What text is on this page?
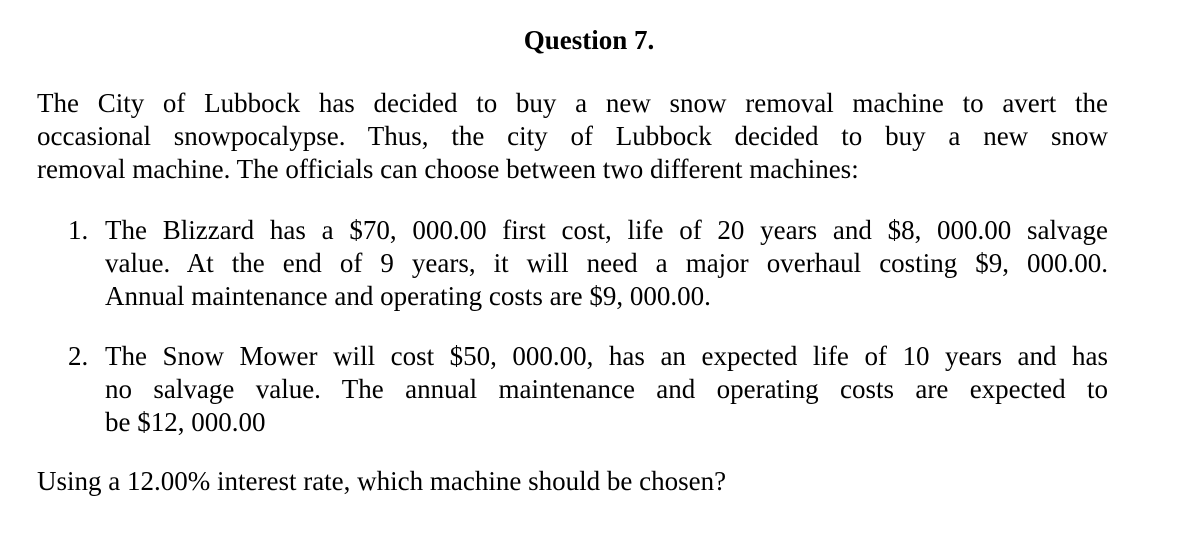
Question 7.
The City of Lubbock has decided to buy a new snow removal machine to avert the
occasional snowpocalypse. Thus, the city of Lubbock decided to buy a new snow
removal machine. The officials can choose between two different machines:
1. The Blizzard has a $70, 000.00 first cost, life of 20 years and $8, 000.00 salvage
value. At the end of 9 years, it will need a major overhaul costing $9, 000.00.
Annual maintenance and operating costs are $9, 000.00.
2. The Snow Mower will cost $50, 000.00, has an expected life of 10 years and has
no salvage value. The annual maintenance and operating costs are expected to
be $12, 000.00
Using a 12.00% interest rate, which machine should be chosen?
